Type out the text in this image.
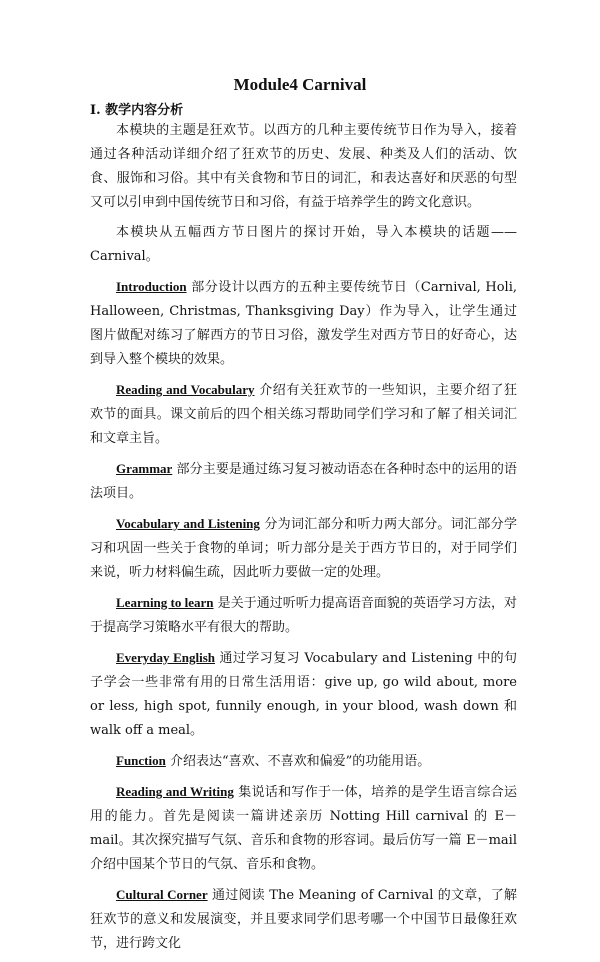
Module4 Carnival
I. 教学内容分析

本模块的主题是狂欢节。以西方的几种主要传统节日作为导入，接着通过各种活动详细介绍了狂欢节的历史、发展、种类及人们的活动、饮食、服饰和习俗。其中有关食物和节日的词汇，和表达喜好和厌恶的句型又可以引申到中国传统节日和习俗，有益于培养学生的跨文化意识。

本模块从五幅西方节日图片的探讨开始，导入本模块的话题——Carnival。

Introduction 部分设计以西方的五种主要传统节日（Carnival, Holi, Halloween, Christmas, Thanksgiving Day）作为导入，让学生通过图片做配对练习了解西方的节日习俗，激发学生对西方节日的好奇心，达到导入整个模块的效果。

Reading and Vocabulary 介绍有关狂欢节的一些知识，主要介绍了狂欢节的面具。课文前后的四个相关练习帮助同学们学习和了解了相关词汇和文章主旨。

Grammar 部分主要是通过练习复习被动语态在各种时态中的运用的语法项目。

Vocabulary and Listening 分为词汇部分和听力两大部分。词汇部分学习和巩固一些关于食物的单词；听力部分是关于西方节日的，对于同学们来说，听力材料偏生疏，因此听力要做一定的处理。

Learning to learn 是关于通过听听力提高语音面貌的英语学习方法，对于提高学习策略水平有很大的帮助。

Everyday English 通过学习复习 Vocabulary and Listening 中的句子学会一些非常有用的日常生活用语：give up, go wild about, more or less, high spot, funnily enough, in your blood, wash down 和 walk off a meal。

Function 介绍表达“喜欢、不喜欢和偏爱”的功能用语。

Reading and Writing 集说话和写作于一体，培养的是学生语言综合运用的能力。首先是阅读一篇讲述亲历 Notting Hill carnival 的 E－mail。其次探究描写气氛、音乐和食物的形容词。最后仿写一篇 E－mail 介绍中国某个节日的气氛、音乐和食物。

Cultural Corner 通过阅读 The Meaning of Carnival 的文章，了解狂欢节的意义和发展演变，并且要求同学们思考哪一个中国节日最像狂欢节，进行跨文化
